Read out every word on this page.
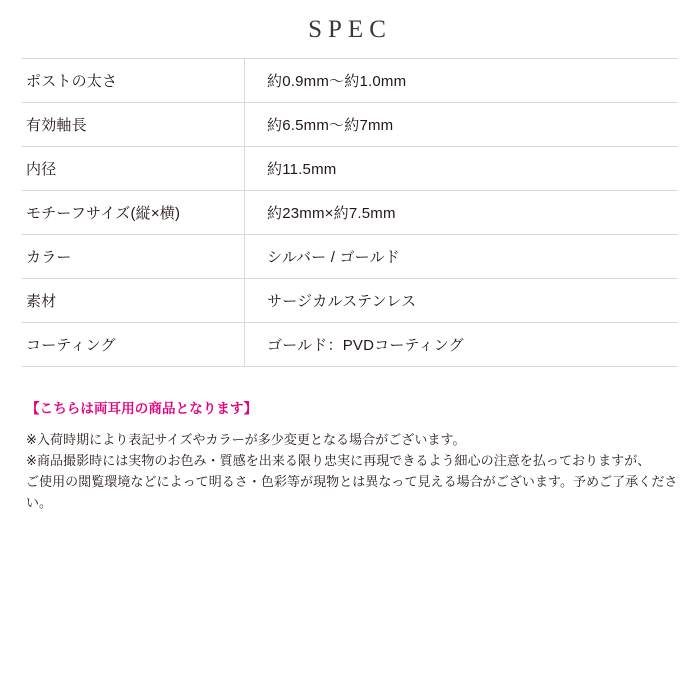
SPEC
ポストの太さ	約0.9mm〜約1.0mm
有効軸長	約6.5mm〜約7mm
内径	約11.5mm
モチーフサイズ(縦×横)	約23mm×約7.5mm
カラー	シルバー / ゴールド
素材	サージカルステンレス
コーティング	ゴールド：PVDコーティング
【こちらは両耳用の商品となります】
※入荷時期により表記サイズやカラーが多少変更となる場合がございます。
※商品撮影時には実物のお色み・質感を出来る限り忠実に再現できるよう細心の注意を払っておりますが、
ご使用の閲覧環境などによって明るさ・色彩等が現物とは異なって見える場合がございます。予めご了承ください。
